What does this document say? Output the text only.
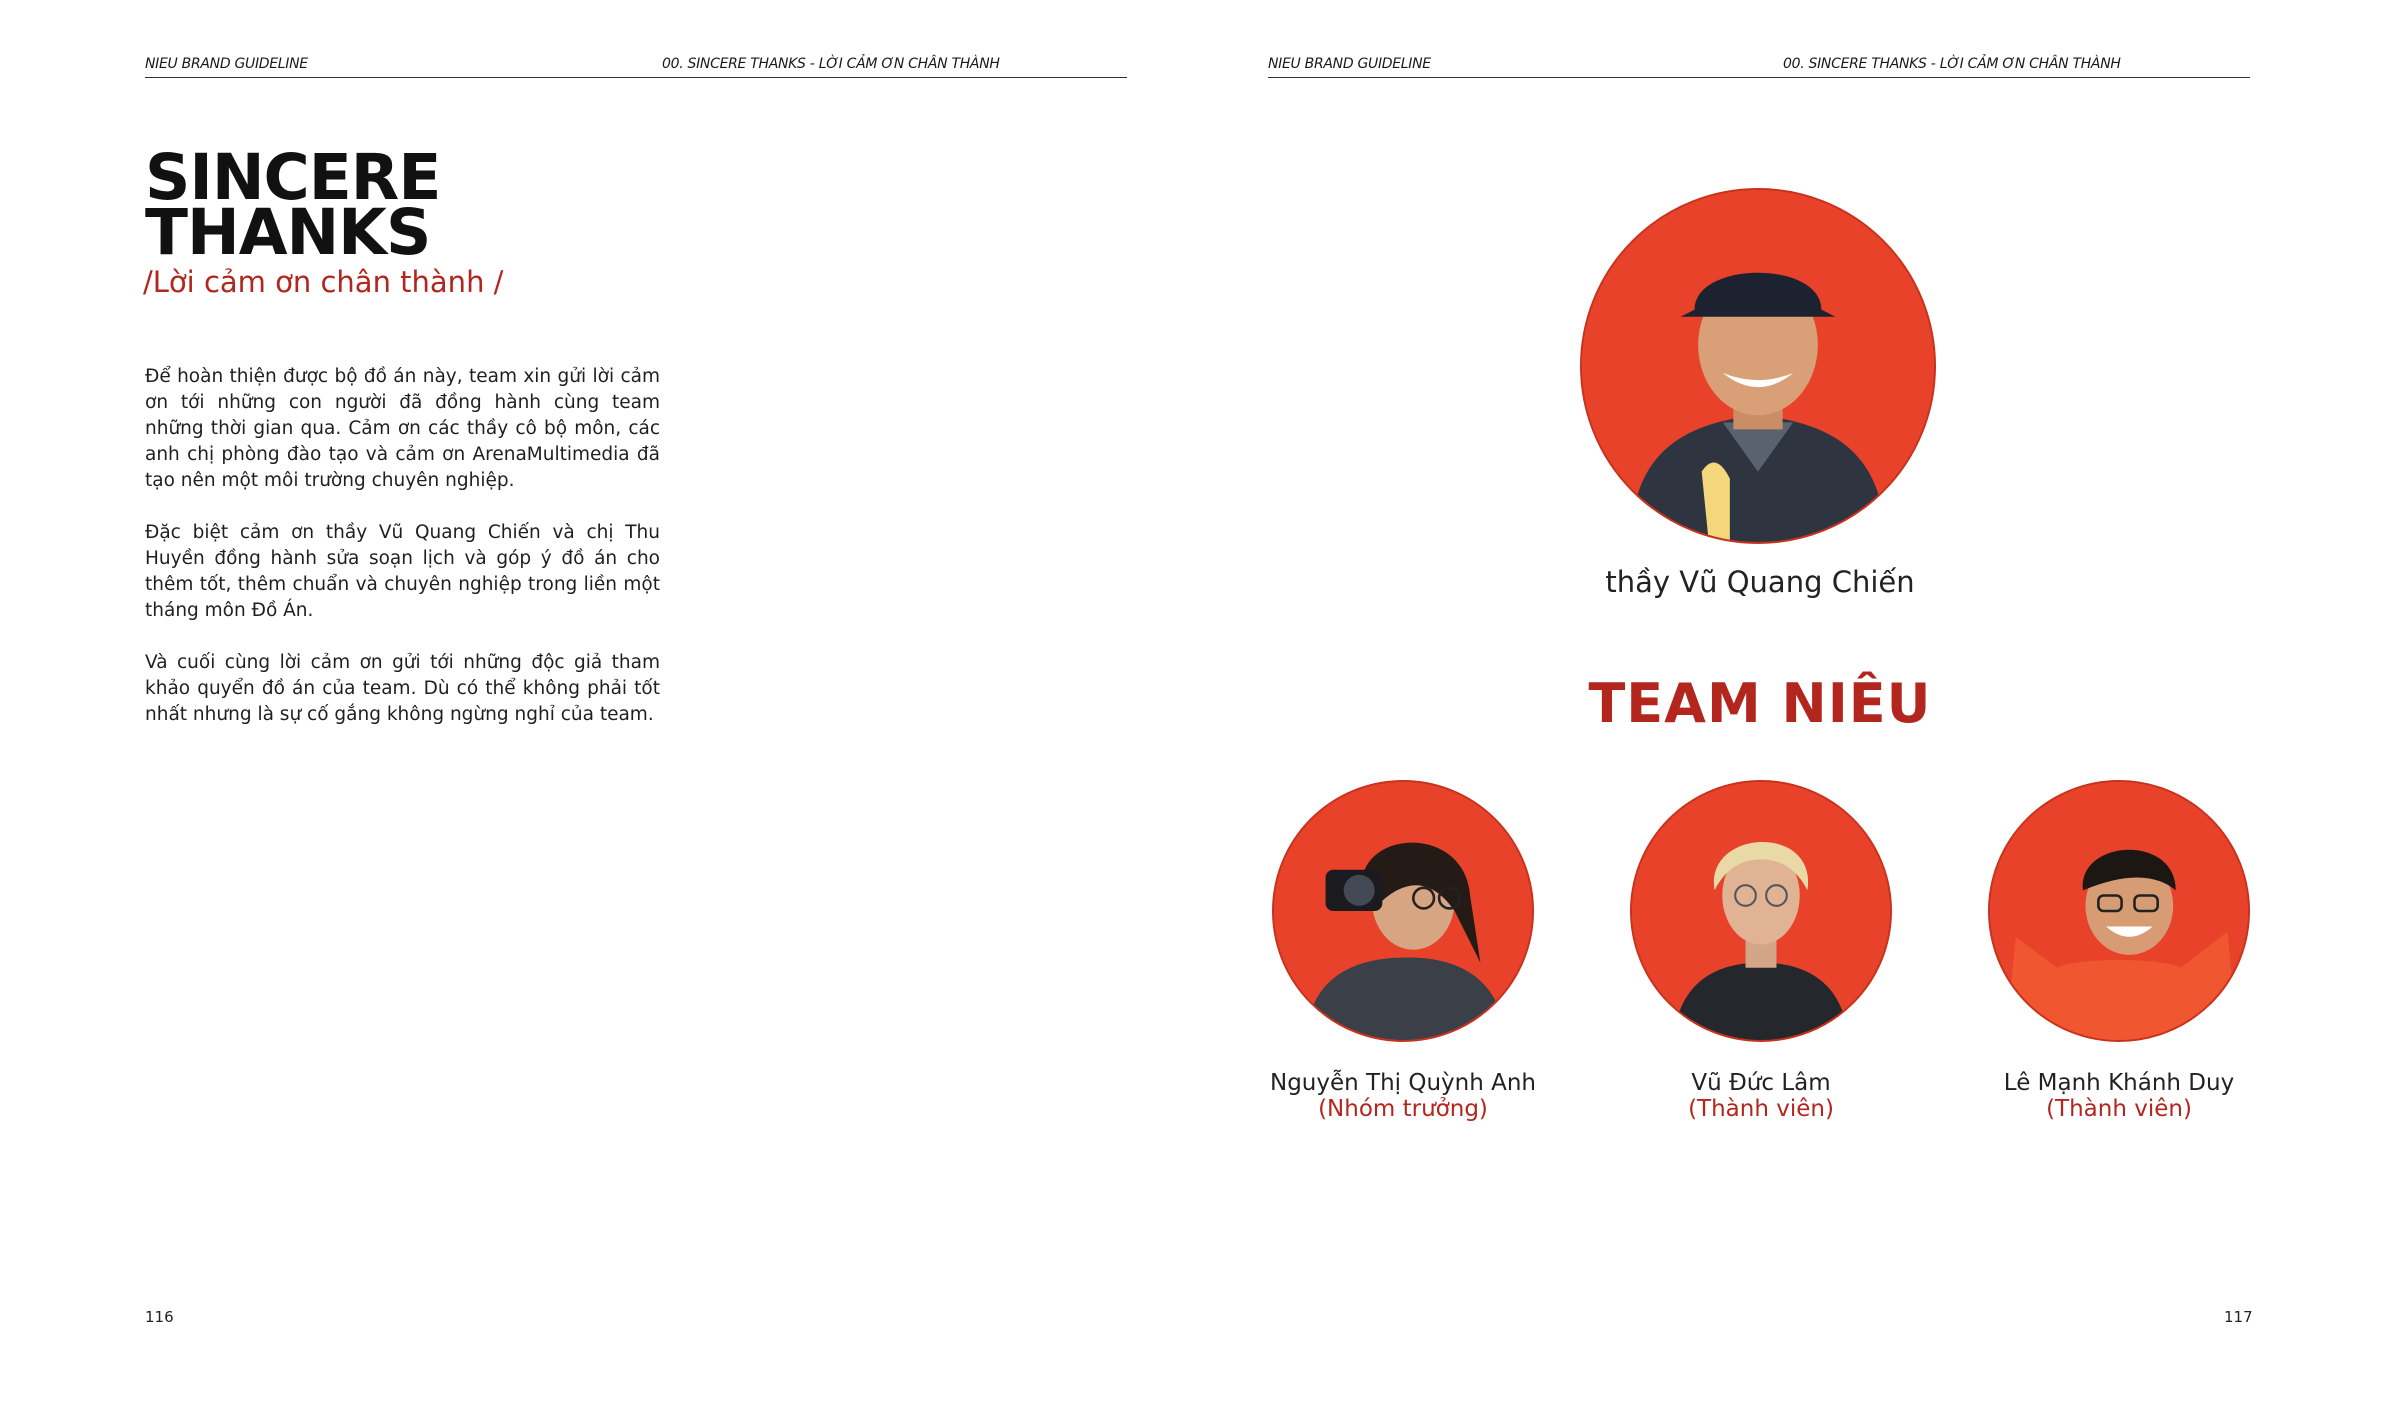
NIEU BRAND GUIDELINE	00. SINCERE THANKS - LỜI CẢM ƠN CHÂN THÀNH
SINCERE
THANKS
/Lời cảm ơn chân thành /

Để hoàn thiện được bộ đồ án này, team xin gửi lời cảm ơn tới những con người đã đồng hành cùng team những thời gian qua. Cảm ơn các thầy cô bộ môn, các anh chị phòng đào tạo và cảm ơn ArenaMultimedia đã tạo nên một môi trường chuyên nghiệp.

Đặc biệt cảm ơn thầy Vũ Quang Chiến và chị Thu Huyền đồng hành sửa soạn lịch và góp ý đồ án cho thêm tốt, thêm chuẩn và chuyên nghiệp trong liền một tháng môn Đồ Án.

Và cuối cùng lời cảm ơn gửi tới những độc giả tham khảo quyển đồ án của team. Dù có thể không phải tốt nhất nhưng là sự cố gắng không ngừng nghỉ của team.

116
NIEU BRAND GUIDELINE	00. SINCERE THANKS - LỜI CẢM ƠN CHÂN THÀNH
thầy Vũ Quang Chiến
TEAM NIÊU
Nguyễn Thị Quỳnh Anh
(Nhóm trưởng)
Vũ Đức Lâm
(Thành viên)
Lê Mạnh Khánh Duy
(Thành viên)
117
